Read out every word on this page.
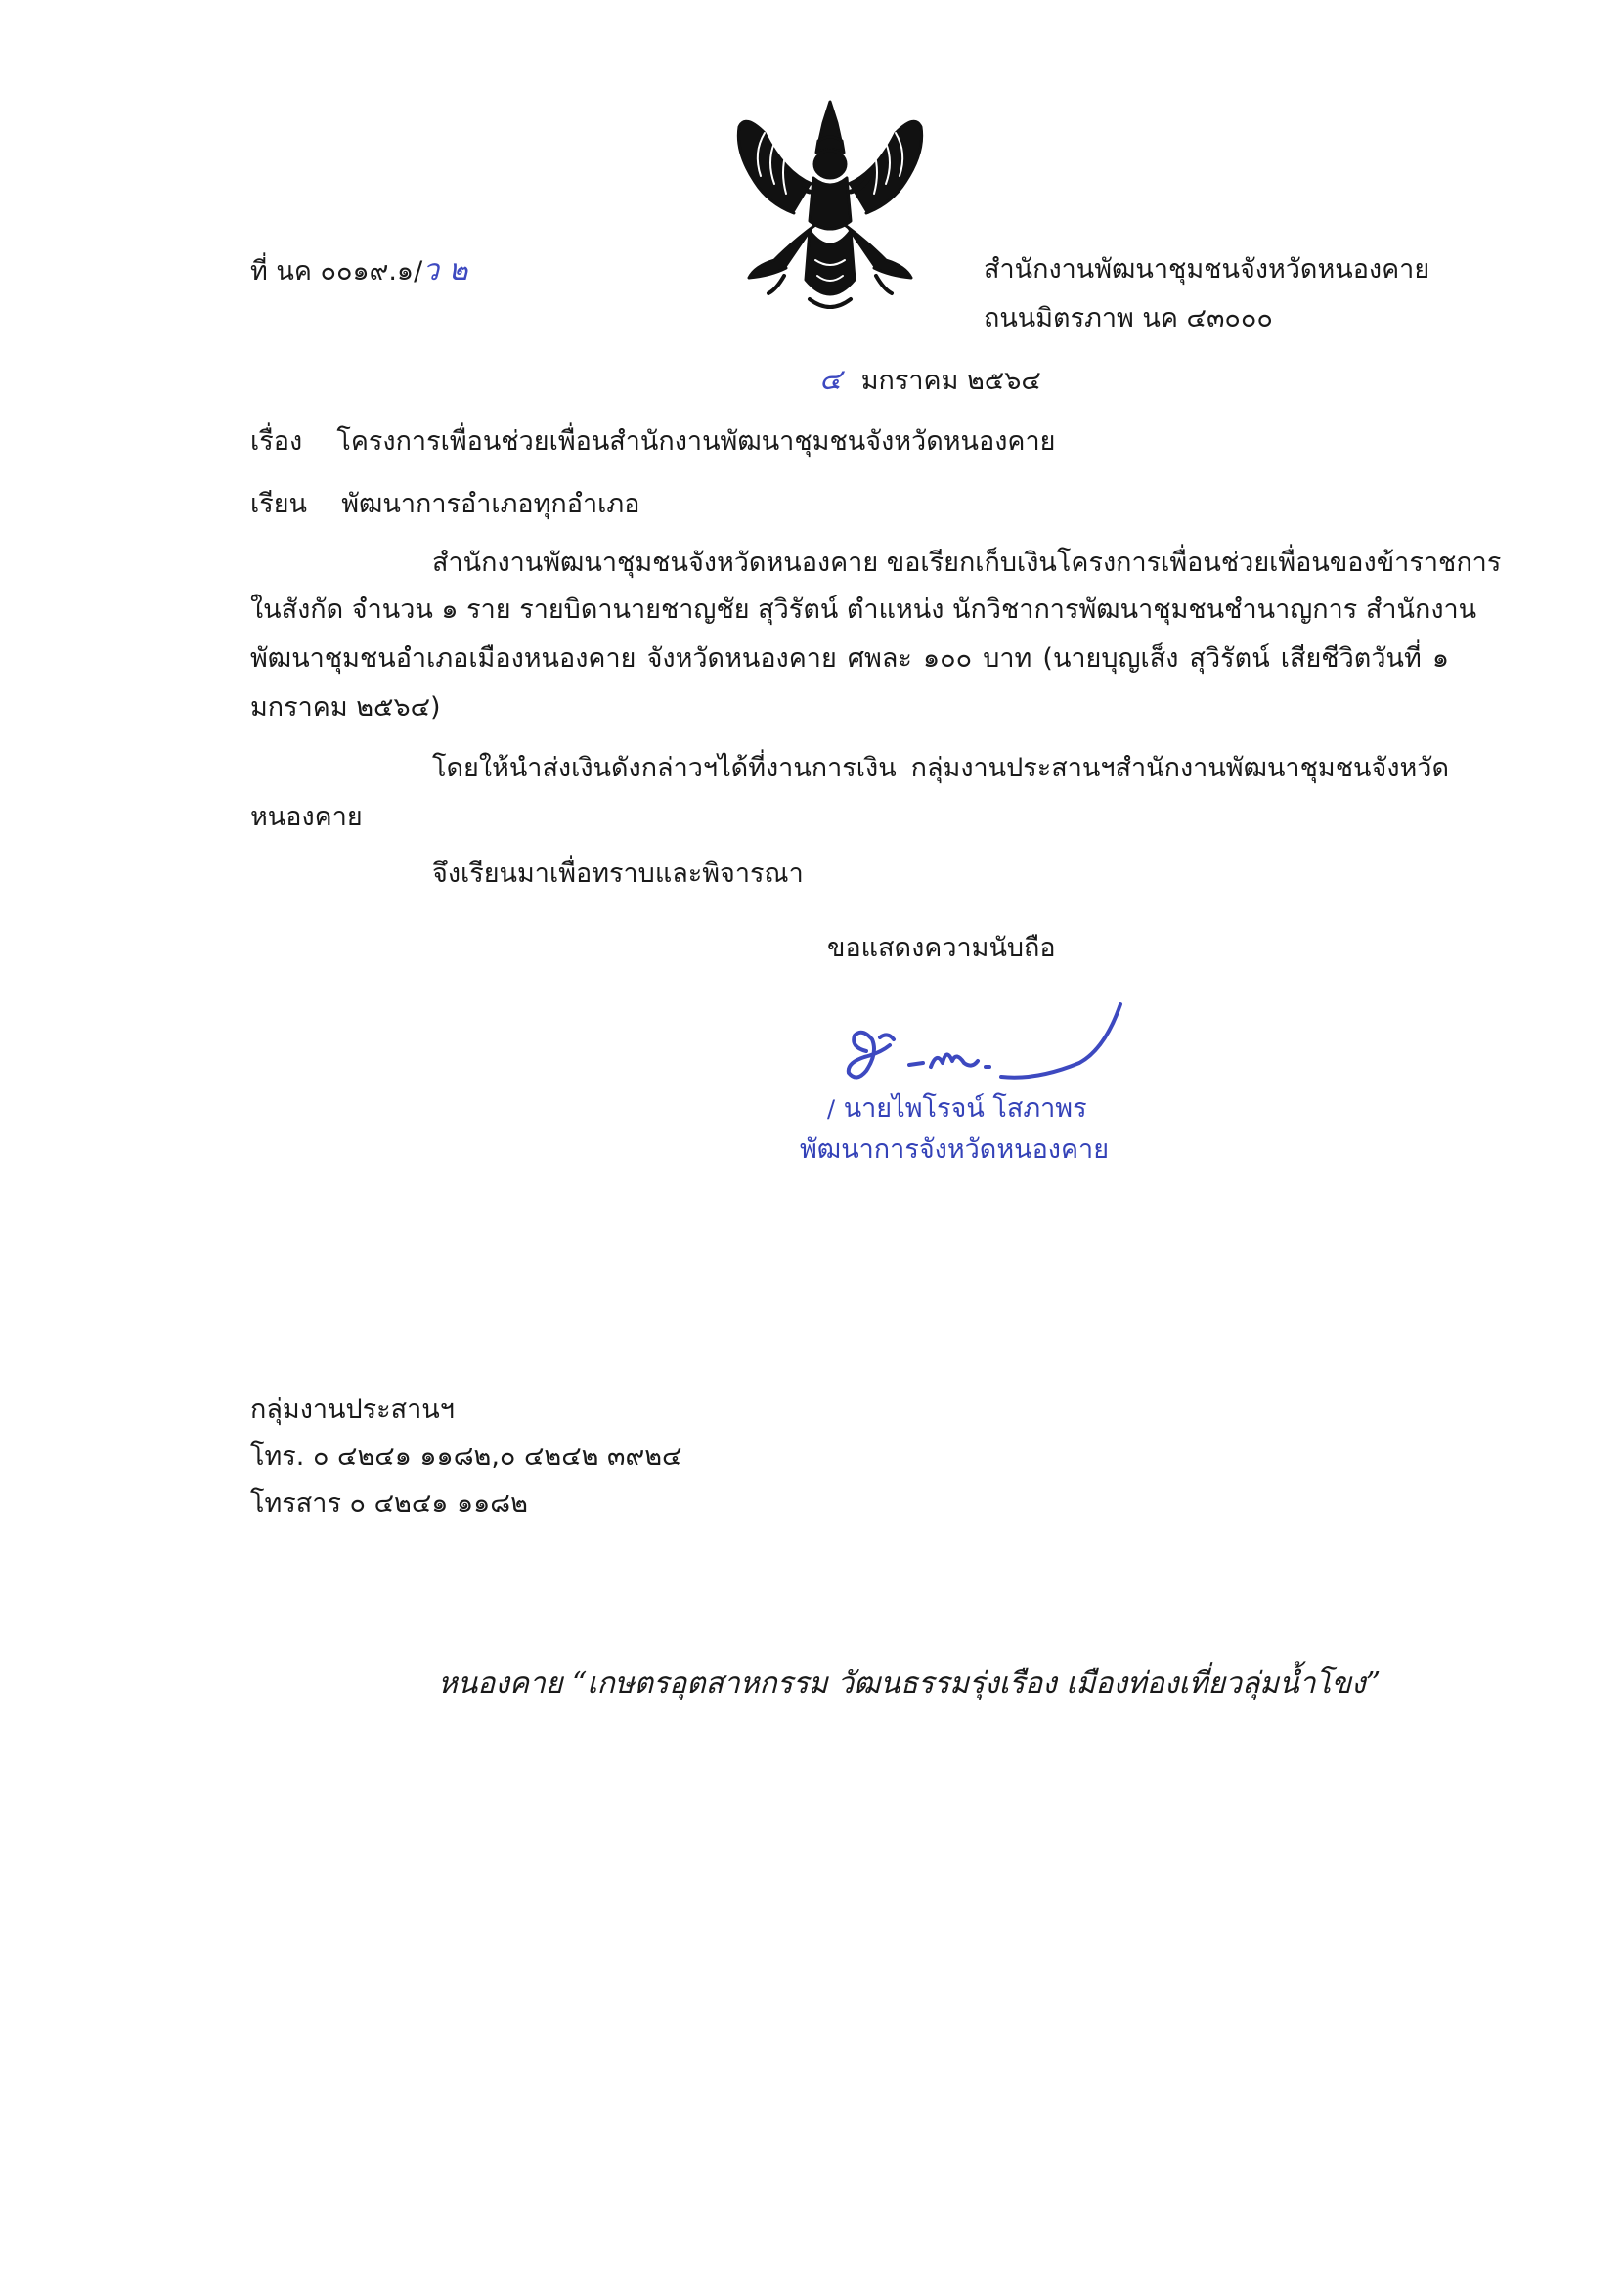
ที่ นค ๐๐๑๙.๑/ว ๒	สำนักงานพัฒนาชุมชนจังหวัดหนองคาย
ถนนมิตรภาพ นค ๔๓๐๐๐
๔ มกราคม ๒๕๖๔
เรื่อง โครงการเพื่อนช่วยเพื่อนสำนักงานพัฒนาชุมชนจังหวัดหนองคาย
เรียน พัฒนาการอำเภอทุกอำเภอ
สำนักงานพัฒนาชุมชนจังหวัดหนองคาย ขอเรียกเก็บเงินโครงการเพื่อนช่วยเพื่อนของข้าราชการ
ในสังกัด จำนวน ๑ ราย รายบิดานายชาญชัย สุวิรัตน์ ตำแหน่ง นักวิชาการพัฒนาชุมชนชำนาญการ สำนักงาน
พัฒนาชุมชนอำเภอเมืองหนองคาย จังหวัดหนองคาย ศพละ ๑๐๐ บาท (นายบุญเส็ง สุวิรัตน์ เสียชีวิตวันที่ ๑
มกราคม ๒๕๖๔)
โดยให้นำส่งเงินดังกล่าวฯได้ที่งานการเงิน กลุ่มงานประสานฯสำนักงานพัฒนาชุมชนจังหวัด
หนองคาย
จึงเรียนมาเพื่อทราบและพิจารณา
ขอแสดงความนับถือ
/ นายไพโรจน์ โสภาพร
พัฒนาการจังหวัดหนองคาย
กลุ่มงานประสานฯ
โทร. ๐ ๔๒๔๑ ๑๑๘๒,๐ ๔๒๔๒ ๓๙๒๔
โทรสาร ๐ ๔๒๔๑ ๑๑๘๒
หนองคาย “เกษตรอุตสาหกรรม วัฒนธรรมรุ่งเรือง เมืองท่องเที่ยวลุ่มน้ำโขง”
